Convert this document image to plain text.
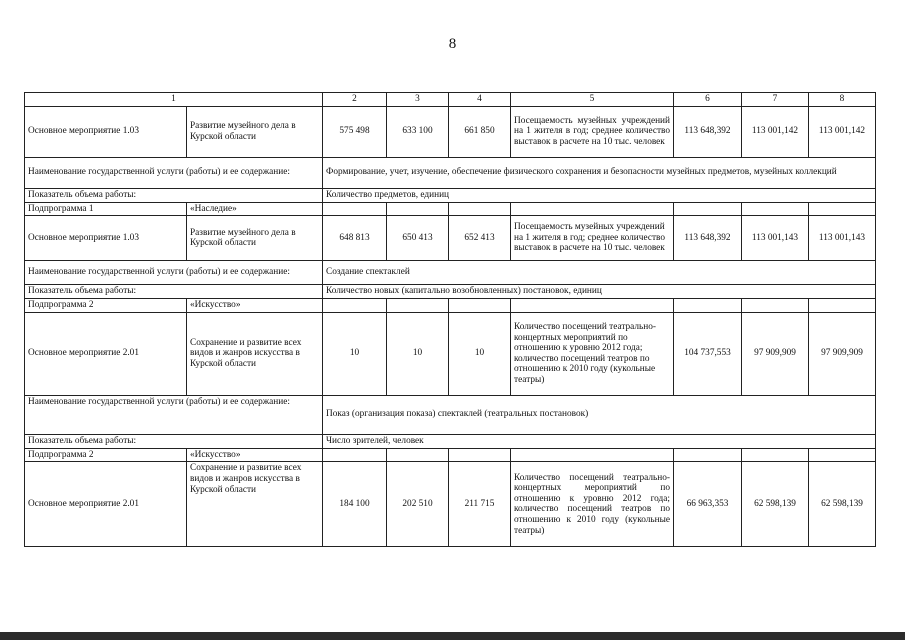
8
1		2	3	4	5	6	7	8
Основное мероприятие 1.03	Развитие музейного дела в Курской области	575 498	633 100	661 850	Посещаемость музейных учреждений на 1 жителя в год; среднее количество выставок в расчете на 10 тыс. человек	113 648,392	113 001,142	113 001,142
Наименование государственной услуги (работы) и ее содержание:		Формирование, учет, изучение, обеспечение физического сохранения и безопасности музейных предметов, музейных коллекций						
Показатель объема работы:		Количество предметов, единиц						
Подпрограмма 1	«Наследие»							
Основное мероприятие 1.03	Развитие музейного дела в Курской области	648 813	650 413	652 413	Посещаемость музейных учреждений на 1 жителя в год; среднее количество выставок в расчете на 10 тыс. человек	113 648,392	113 001,143	113 001,143
Наименование государственной услуги (работы) и ее содержание:		Создание спектаклей						
Показатель объема работы:		Количество новых (капитально возобновленных) постановок, единиц						
Подпрограмма 2	«Искусство»							
Основное мероприятие 2.01	Сохранение и развитие всех видов и жанров искусства в Курской области	10	10	10	Количество посещений театрально-концертных мероприятий по отношению к уровню 2012 года; количество посещений театров по отношению к 2010 году (кукольные театры)	104 737,553	97 909,909	97 909,909
Наименование государственной услуги (работы) и ее содержание:		Показ (организация показа) спектаклей (театральных постановок)						
Показатель объема работы:		Число зрителей, человек						
Подпрограмма 2	«Искусство»							
Основное мероприятие 2.01	Сохранение и развитие всех видов и жанров искусства в Курской области	184 100	202 510	211 715	Количество посещений театрально-концертных мероприятий по отношению к уровню 2012 года; количество посещений театров по отношению к 2010 году (кукольные театры)	66 963,353	62 598,139	62 598,139
